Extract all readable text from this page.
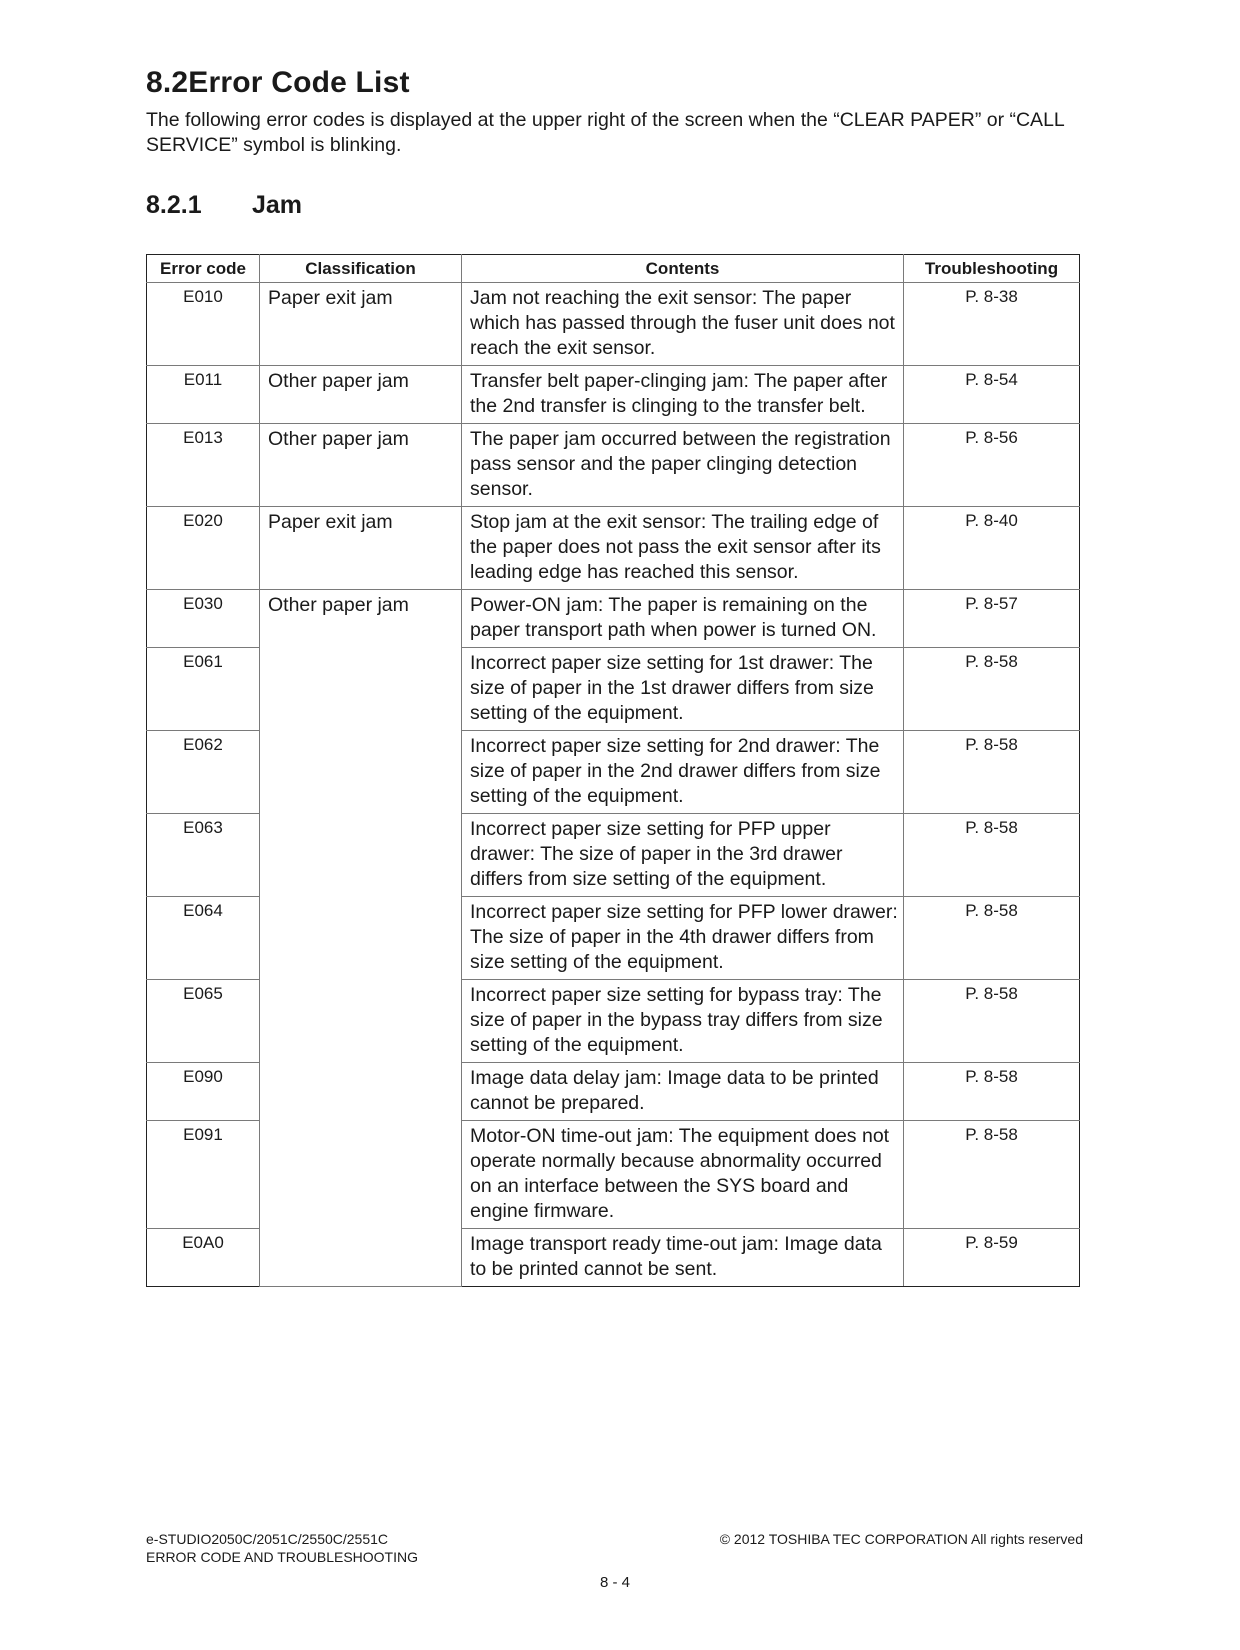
8.2Error Code List

The following error codes is displayed at the upper right of the screen when the “CLEAR PAPER” or “CALL SERVICE” symbol is blinking.

8.2.1 Jam
Error code	Classification	Contents	Troubleshooting
E010	Paper exit jam	Jam not reaching the exit sensor: The paper which has passed through the fuser unit does not reach the exit sensor.	P. 8-38
E011	Other paper jam	Transfer belt paper-clinging jam: The paper after the 2nd transfer is clinging to the transfer belt.	P. 8-54
E013	Other paper jam	The paper jam occurred between the registration pass sensor and the paper clinging detection sensor.	P. 8-56
E020	Paper exit jam	Stop jam at the exit sensor: The trailing edge of the paper does not pass the exit sensor after its leading edge has reached this sensor.	P. 8-40
E030	Other paper jam	Power-ON jam: The paper is remaining on the paper transport path when power is turned ON.	P. 8-57
E061		Incorrect paper size setting for 1st drawer: The size of paper in the 1st drawer differs from size setting of the equipment.	P. 8-58
E062		Incorrect paper size setting for 2nd drawer: The size of paper in the 2nd drawer differs from size setting of the equipment.	P. 8-58
E063		Incorrect paper size setting for PFP upper drawer: The size of paper in the 3rd drawer differs from size setting of the equipment.	P. 8-58
E064		Incorrect paper size setting for PFP lower drawer: The size of paper in the 4th drawer differs from size setting of the equipment.	P. 8-58
E065		Incorrect paper size setting for bypass tray: The size of paper in the bypass tray differs from size setting of the equipment.	P. 8-58
E090		Image data delay jam: Image data to be printed cannot be prepared.	P. 8-58
E091		Motor-ON time-out jam: The equipment does not operate normally because abnormality occurred on an interface between the SYS board and engine firmware.	P. 8-58
E0A0		Image transport ready time-out jam: Image data to be printed cannot be sent.	P. 8-59
e-STUDIO2050C/2051C/2550C/2551C
ERROR CODE AND TROUBLESHOOTING
© 2012 TOSHIBA TEC CORPORATION All rights reserved
8 - 4
